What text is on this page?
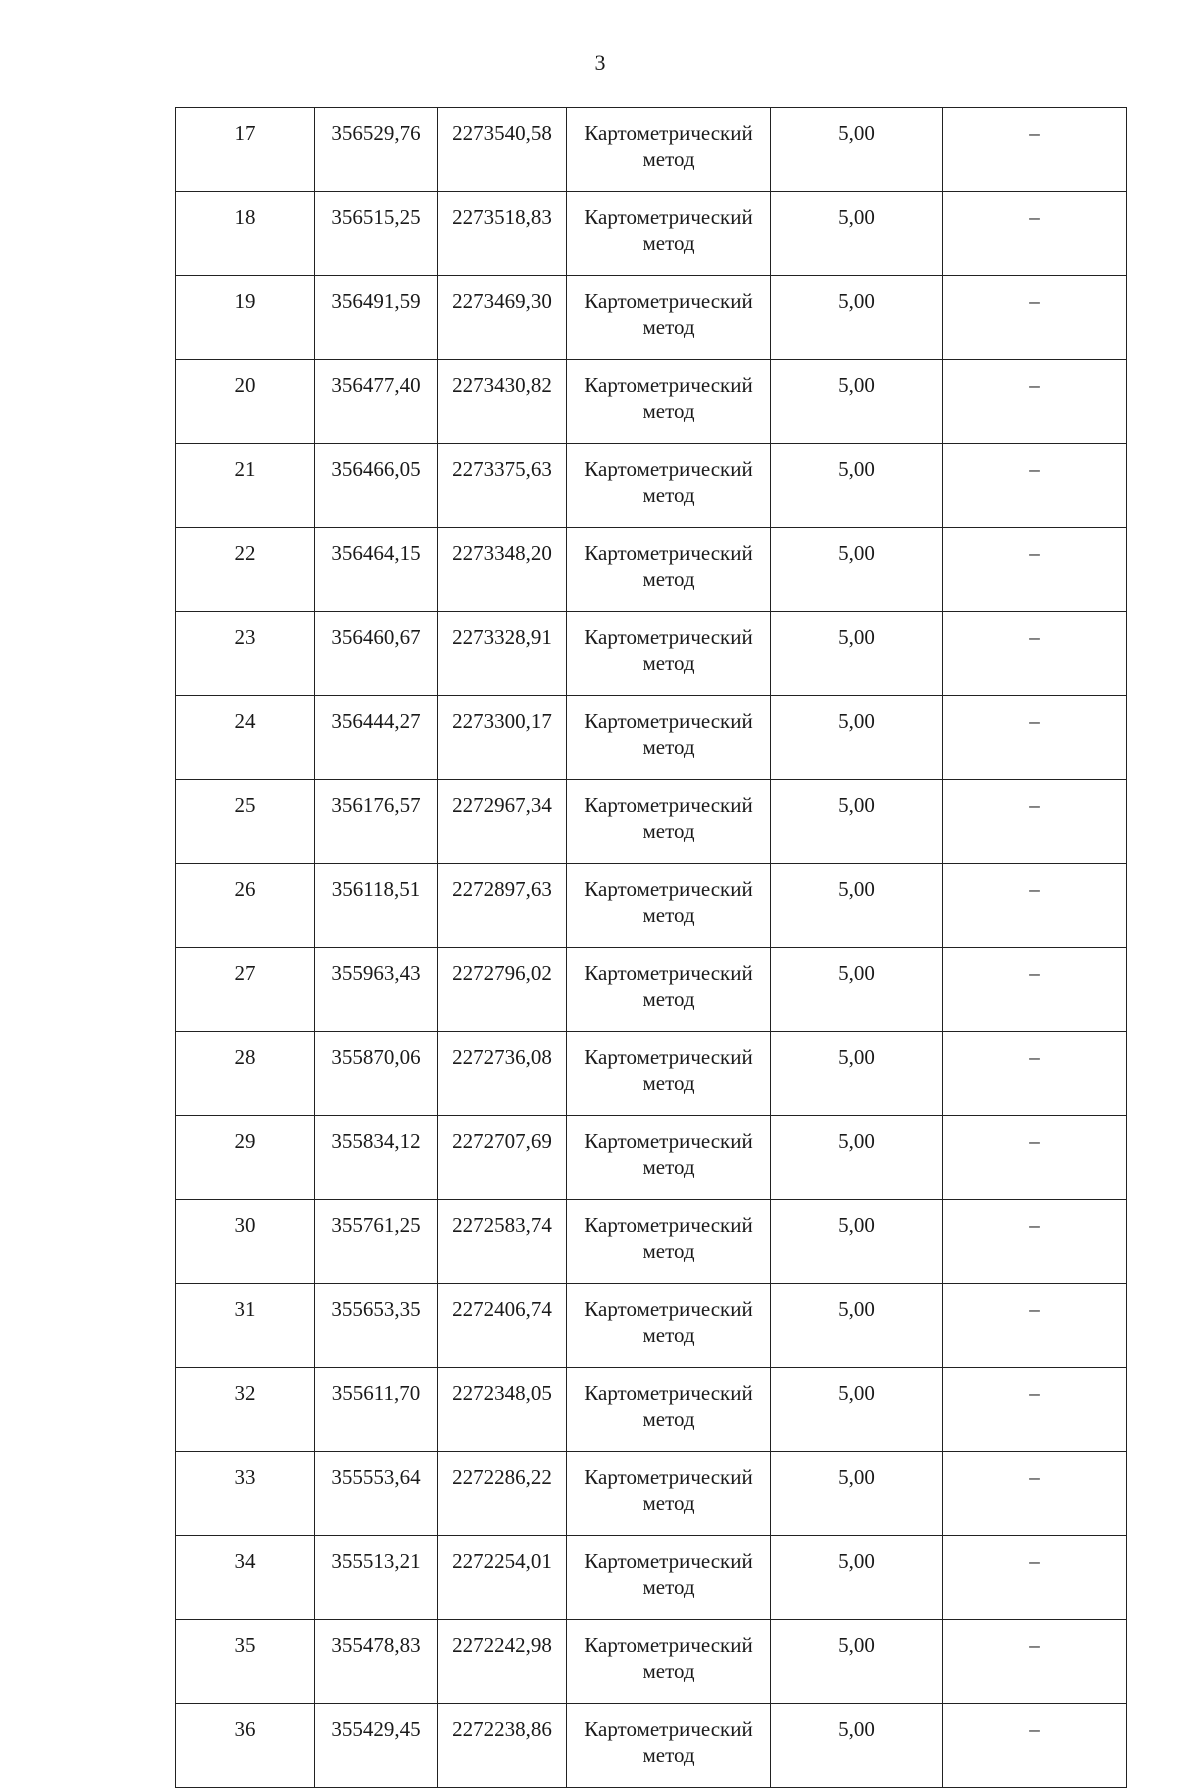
3
17	356529,76	2273540,58	Картометрический метод	5,00	–
18	356515,25	2273518,83	Картометрический метод	5,00	–
19	356491,59	2273469,30	Картометрический метод	5,00	–
20	356477,40	2273430,82	Картометрический метод	5,00	–
21	356466,05	2273375,63	Картометрический метод	5,00	–
22	356464,15	2273348,20	Картометрический метод	5,00	–
23	356460,67	2273328,91	Картометрический метод	5,00	–
24	356444,27	2273300,17	Картометрический метод	5,00	–
25	356176,57	2272967,34	Картометрический метод	5,00	–
26	356118,51	2272897,63	Картометрический метод	5,00	–
27	355963,43	2272796,02	Картометрический метод	5,00	–
28	355870,06	2272736,08	Картометрический метод	5,00	–
29	355834,12	2272707,69	Картометрический метод	5,00	–
30	355761,25	2272583,74	Картометрический метод	5,00	–
31	355653,35	2272406,74	Картометрический метод	5,00	–
32	355611,70	2272348,05	Картометрический метод	5,00	–
33	355553,64	2272286,22	Картометрический метод	5,00	–
34	355513,21	2272254,01	Картометрический метод	5,00	–
35	355478,83	2272242,98	Картометрический метод	5,00	–
36	355429,45	2272238,86	Картометрический метод	5,00	–
